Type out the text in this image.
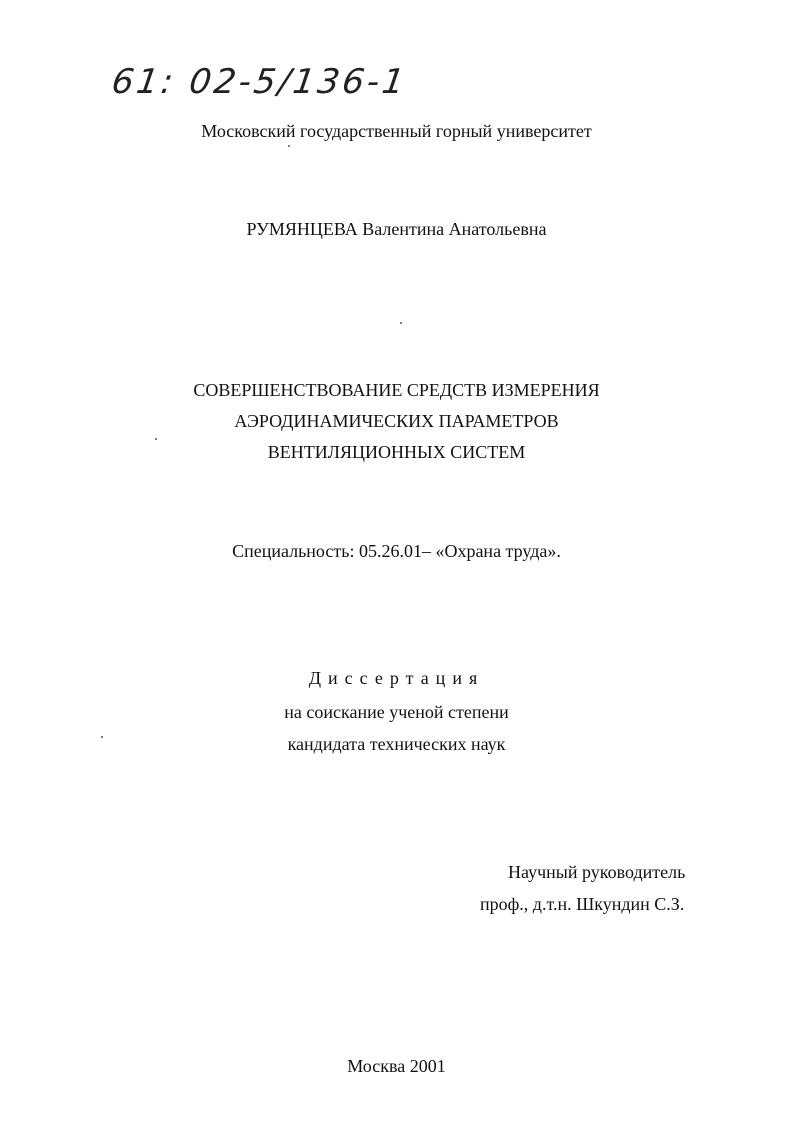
61: 02-5/136-1
Московский государственный горный университет
РУМЯНЦЕВА Валентина Анатольевна
СОВЕРШЕНСТВОВАНИЕ СРЕДСТВ ИЗМЕРЕНИЯ
АЭРОДИНАМИЧЕСКИХ ПАРАМЕТРОВ
ВЕНТИЛЯЦИОННЫХ СИСТЕМ
Специальность: 05.26.01– «Охрана труда».
Диссертация
на соискание ученой степени
кандидата технических наук
Научный руководитель
проф., д.т.н. Шкундин С.З.
Москва 2001
